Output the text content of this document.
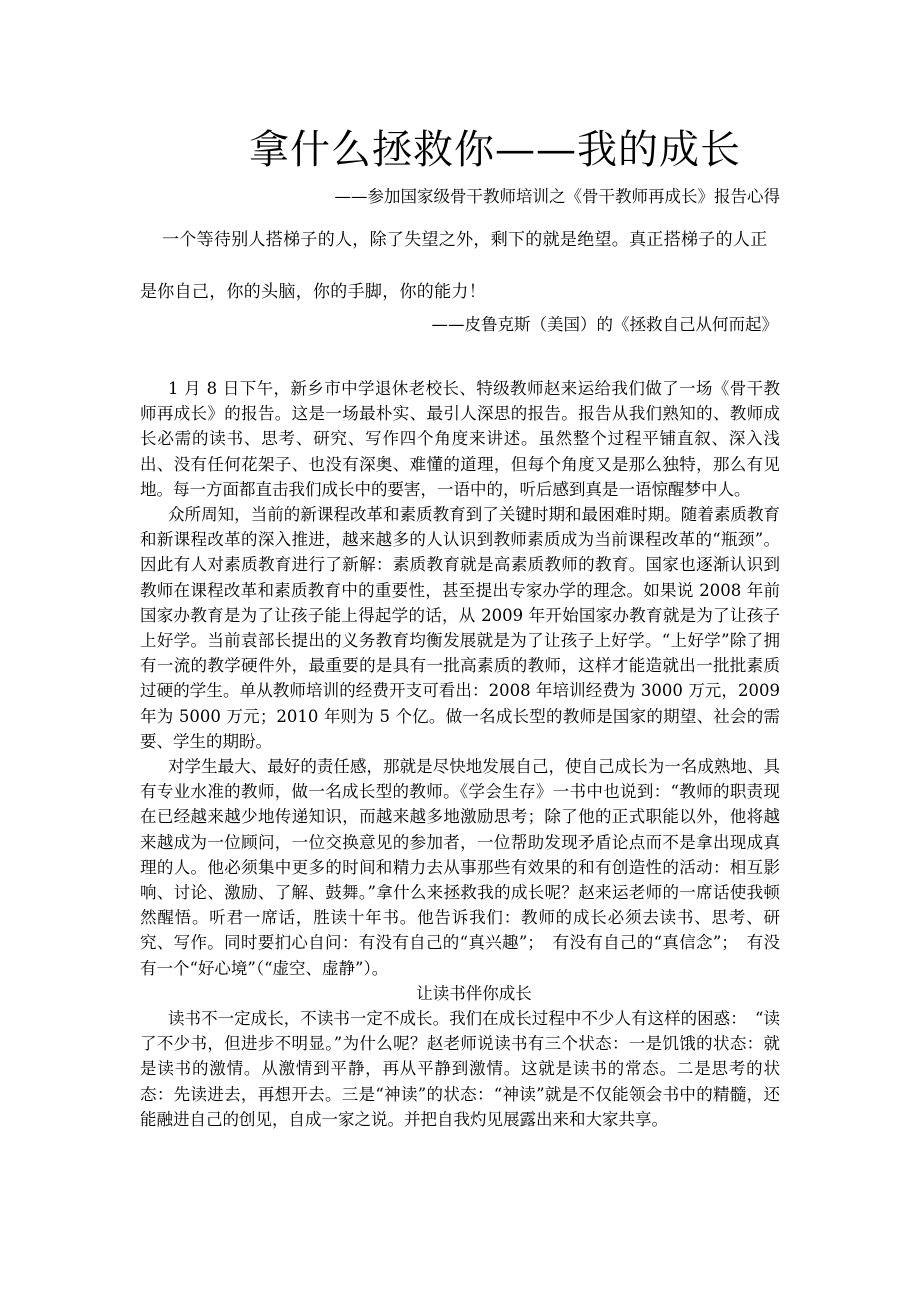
拿什么拯救你——我的成长
——参加国家级骨干教师培训之《骨干教师再成长》报告心得
一个等待别人搭梯子的人，除了失望之外，剩下的就是绝望。真正搭梯子的人正是你自己，你的头脑，你的手脚，你的能力！
——皮鲁克斯（美国）的《拯救自己从何而起》

1 月 8 日下午，新乡市中学退休老校长、特级教师赵来运给我们做了一场《骨干教师再成长》的报告。这是一场最朴实、最引人深思的报告。报告从我们熟知的、教师成长必需的读书、思考、研究、写作四个角度来讲述。虽然整个过程平铺直叙、深入浅出、没有任何花架子、也没有深奥、难懂的道理，但每个角度又是那么独特，那么有见地。每一方面都直击我们成长中的要害，一语中的，听后感到真是一语惊醒梦中人。

众所周知，当前的新课程改革和素质教育到了关键时期和最困难时期。随着素质教育和新课程改革的深入推进，越来越多的人认识到教师素质成为当前课程改革的“瓶颈”。因此有人对素质教育进行了新解：素质教育就是高素质教师的教育。国家也逐渐认识到教师在课程改革和素质教育中的重要性，甚至提出专家办学的理念。如果说 2008 年前国家办教育是为了让孩子能上得起学的话，从 2009 年开始国家办教育就是为了让孩子上好学。当前袁部长提出的义务教育均衡发展就是为了让孩子上好学。“上好学”除了拥有一流的教学硬件外，最重要的是具有一批高素质的教师，这样才能造就出一批批素质过硬的学生。单从教师培训的经费开支可看出：2008 年培训经费为 3000 万元，2009 年为 5000 万元；2010 年则为 5 个亿。做一名成长型的教师是国家的期望、社会的需要、学生的期盼。

对学生最大、最好的责任感，那就是尽快地发展自己，使自己成长为一名成熟地、具有专业水准的教师，做一名成长型的教师。《学会生存》一书中也说到：“教师的职责现在已经越来越少地传递知识，而越来越多地激励思考；除了他的正式职能以外，他将越来越成为一位顾问，一位交换意见的参加者，一位帮助发现矛盾论点而不是拿出现成真理的人。他必须集中更多的时间和精力去从事那些有效果的和有创造性的活动：相互影响、讨论、激励、了解、鼓舞。”拿什么来拯救我的成长呢？赵来运老师的一席话使我顿然醒悟。听君一席话，胜读十年书。他告诉我们：教师的成长必须去读书、思考、研究、写作。同时要扪心自问：有没有自己的“真兴趣”；　有没有自己的“真信念”；　有没有一个“好心境”（“虚空、虚静”）。

让读书伴你成长

读书不一定成长，不读书一定不成长。我们在成长过程中不少人有这样的困惑：　“读了不少书，但进步不明显。”为什么呢？赵老师说读书有三个状态：一是饥饿的状态：就是读书的激情。从激情到平静，再从平静到激情。这就是读书的常态。二是思考的状态：先读进去，再想开去。三是“神读”的状态：“神读”就是不仅能领会书中的精髓，还能融进自己的创见，自成一家之说。并把自我灼见展露出来和大家共享。
